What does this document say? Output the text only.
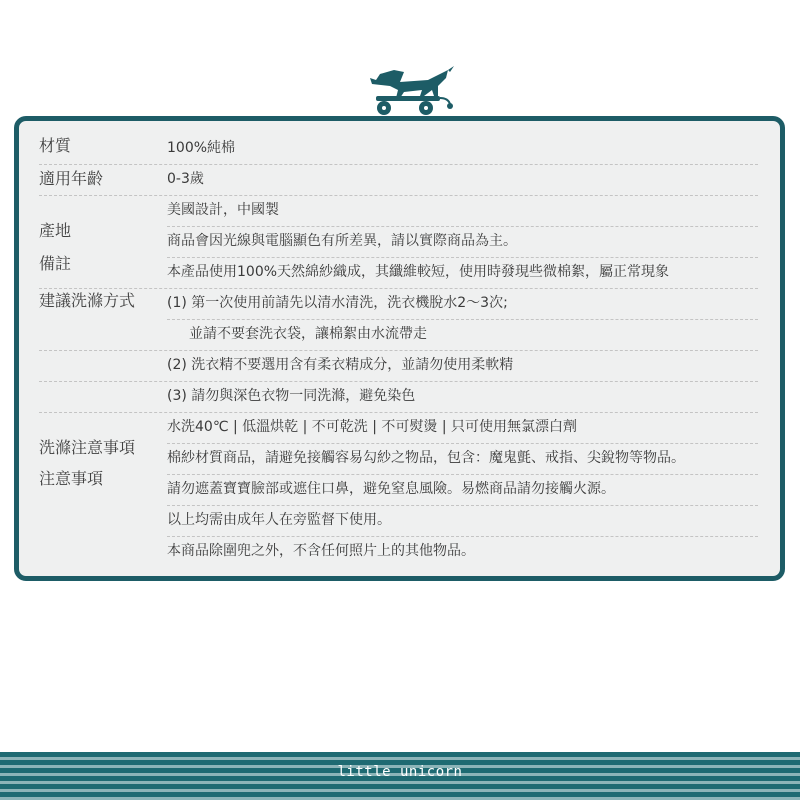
材質
適用年齡
產地
備註
建議洗滌方式
洗滌注意事項
注意事項
100%純棉
0-3歲
美國設計，中國製
商品會因光線與電腦顯色有所差異，請以實際商品為主。
本產品使用100%天然綿紗織成，其纖維較短，使用時發現些微棉絮，屬正常現象
(1) 第一次使用前請先以清水清洗，洗衣機脫水2～3次;
並請不要套洗衣袋，讓棉絮由水流帶走
(2) 洗衣精不要選用含有柔衣精成分，並請勿使用柔軟精
(3) 請勿與深色衣物一同洗滌，避免染色
水洗40℃ | 低溫烘乾 | 不可乾洗 | 不可熨燙 | 只可使用無氯漂白劑
棉紗材質商品，請避免接觸容易勾紗之物品，包含：魔鬼氈、戒指、尖銳物等物品。
請勿遮蓋寶寶臉部或遮住口鼻，避免窒息風險。易燃商品請勿接觸火源。
以上均需由成年人在旁監督下使用。
本商品除圍兜之外，不含任何照片上的其他物品。
little unicorn
